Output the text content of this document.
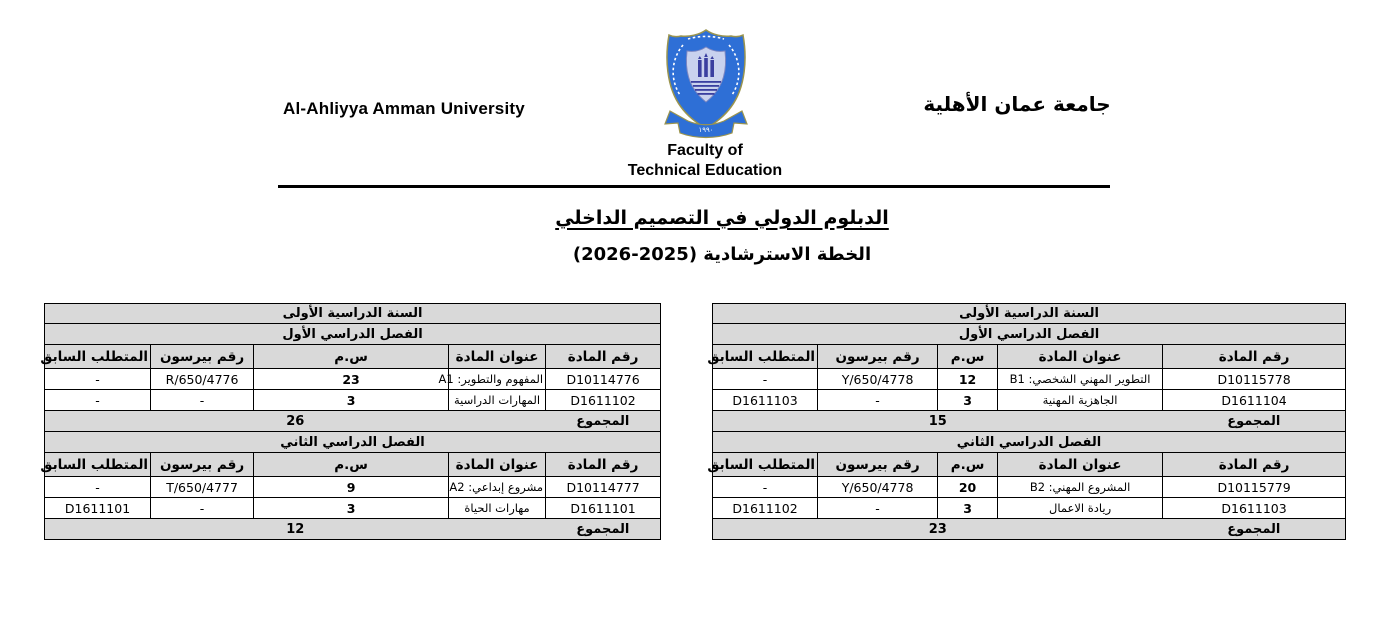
Al-Ahliyya Amman University
١٩٩٠
جامعة عمان الأهلية
Faculty of
Technical Education
الدبلوم الدولي في التصميم الداخلي
الخطة الاسترشادية (2025-2026)
السنة الدراسية الأولى				
الفصل الدراسي الأول				
رقم المادة	عنوان المادة	س.م	رقم بيرسون	المتطلب السابق
D10114776	المفهوم والتطوير: A1	23	R/650/4776	-
D1611102	المهارات الدراسية	3	-	-
المجموع	26			
الفصل الدراسي الثاني				
رقم المادة	عنوان المادة	س.م	رقم بيرسون	المتطلب السابق
D10114777	مشروع إبداعي: A2	9	T/650/4777	-
D1611101	مهارات الحياة	3	-	D1611101
المجموع	12			
السنة الدراسية الأولى				
الفصل الدراسي الأول				
رقم المادة	عنوان المادة	س.م	رقم بيرسون	المتطلب السابق
D10115778	التطوير المهني الشخصي: B1	12	Y/650/4778	-
D1611104	الجاهزية المهنية	3	-	D1611103
المجموع	15			
الفصل الدراسي الثاني				
رقم المادة	عنوان المادة	س.م	رقم بيرسون	المتطلب السابق
D10115779	المشروع المهني: B2	20	Y/650/4778	-
D1611103	ريادة الاعمال	3	-	D1611102
المجموع	23			
